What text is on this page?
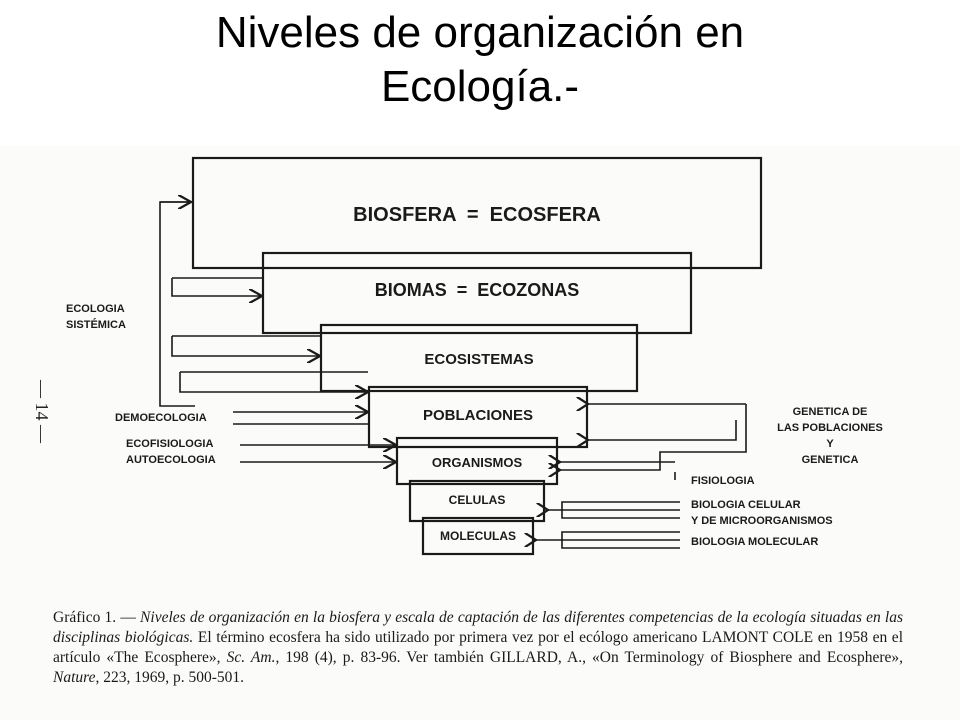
Niveles de organización en
Ecología.-
BIOSFERA  =  ECOSFERA
BIOMAS  =  ECOZONAS
ECOSISTEMAS
POBLACIONES
ORGANISMOS
CELULAS
MOLECULAS
ECOLOGIA
SISTÉMICA
DEMOECOLOGIA
ECOFISIOLOGIA
AUTOECOLOGIA
GENETICA DE
LAS POBLACIONES
Y
GENETICA
FISIOLOGIA
BIOLOGIA CELULAR
Y DE MICROORGANISMOS
BIOLOGIA MOLECULAR
Gráfico 1. — Niveles de organización en la biosfera y escala de captación de las diferentes competencias de la ecología situadas en las disciplinas biológicas. El término ecosfera ha sido utilizado por primera vez por el ecólogo americano LAMONT COLE en 1958 en el artículo «The Ecosphere», Sc. Am., 198 (4), p. 83-96. Ver también GILLARD, A., «On Terminology of Biosphere and Ecosphere», Nature, 223, 1969, p. 500-501.
